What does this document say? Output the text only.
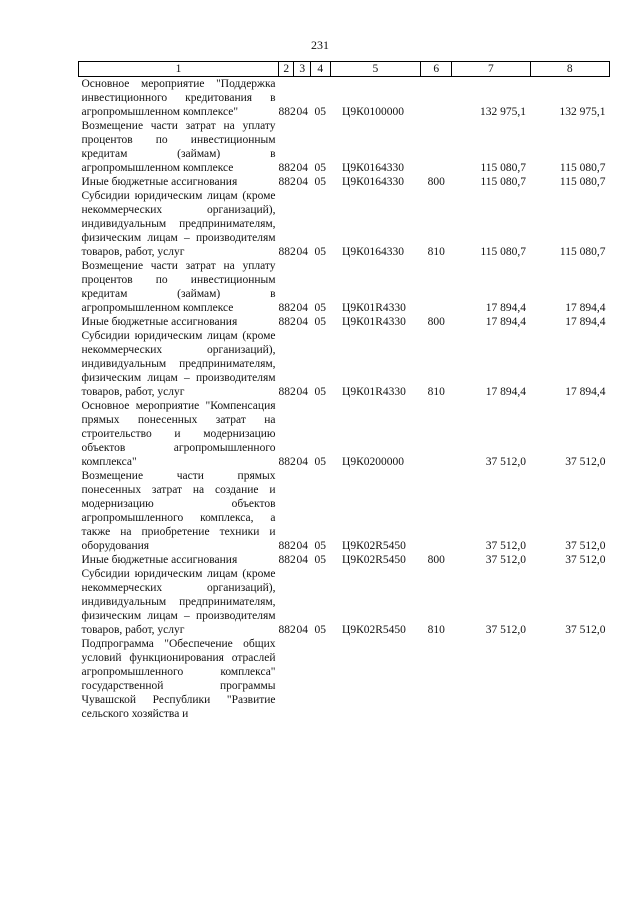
231
1	2	3	4	5	6	7	8
Основное мероприятие "Поддержка инвестиционного кредитования в агропромышленном комплексе"	882	04	05	Ц9К0100000		132 975,1	132 975,1
Возмещение части затрат на уплату процентов по инвестиционным кредитам (займам) в агропромышленном комплексе	882	04	05	Ц9К0164330		115 080,7	115 080,7
Иные бюджетные ассигнования	882	04	05	Ц9К0164330	800	115 080,7	115 080,7
Субсидии юридическим лицам (кроме некоммерческих организаций), индивидуальным предпринимателям, физическим лицам – производителям товаров, работ, услуг	882	04	05	Ц9К0164330	810	115 080,7	115 080,7
Возмещение части затрат на уплату процентов по инвестиционным кредитам (займам) в агропромышленном комплексе	882	04	05	Ц9К01R4330		17 894,4	17 894,4
Иные бюджетные ассигнования	882	04	05	Ц9К01R4330	800	17 894,4	17 894,4
Субсидии юридическим лицам (кроме некоммерческих организаций), индивидуальным предпринимателям, физическим лицам – производителям товаров, работ, услуг	882	04	05	Ц9К01R4330	810	17 894,4	17 894,4
Основное мероприятие "Компенсация прямых понесенных затрат на строительство и модернизацию объектов агропромышленного комплекса"	882	04	05	Ц9К0200000		37 512,0	37 512,0
Возмещение части прямых понесенных затрат на создание и модернизацию объектов агропромышленного комплекса, а также на приобретение техники и оборудования	882	04	05	Ц9К02R5450		37 512,0	37 512,0
Иные бюджетные ассигнования	882	04	05	Ц9К02R5450	800	37 512,0	37 512,0
Субсидии юридическим лицам (кроме некоммерческих организаций), индивидуальным предпринимателям, физическим лицам – производителям товаров, работ, услуг	882	04	05	Ц9К02R5450	810	37 512,0	37 512,0
Подпрограмма "Обеспечение общих условий функционирования отраслей агропромышленного комплекса" государственной программы Чувашской Республики "Развитие сельского хозяйства и							
